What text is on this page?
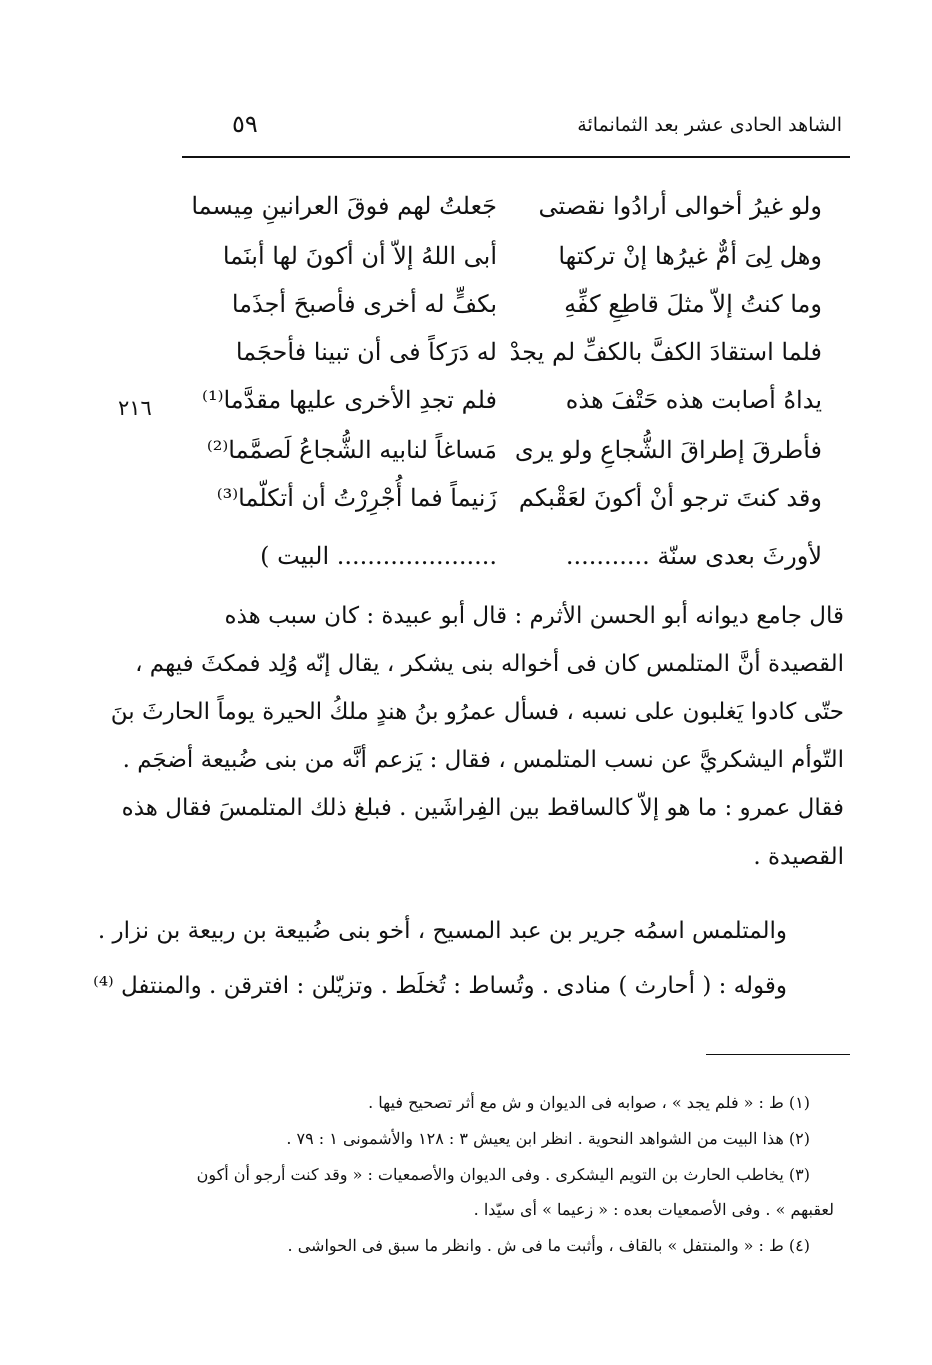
الشاهد الحادى عشر بعد الثمانمائة
٥٩
٢١٦
ولو غيرُ أخوالى أرادُوا نقصتى
جَعلتُ لهم فوقَ العرانينِ مِيسما
وهل لِىَ أمٌّ غيرُها إنْ تركتها
أبى اللهُ إلاّ أن أكونَ لها أبنَما
وما كنتُ إلاّ مثلَ قاطِعِ كفِّهِ
بكفٍّ له أخرى فأصبحَ أجذَما
فلما استقادَ الكفَّ بالكفِّ لم يجدْ
له دَرَكاً فى أن تبينا فأحجَما
يداهُ أصابت هذه حَتْفَ هذه
فلم تجدِ الأخرى عليها مقدَّما⁽¹⁾
فأطرقَ إطراقَ الشُّجاعِ ولو يرى
مَساغاً لنابيه الشُّجاعُ لَصمَّما⁽²⁾
وقد كنتَ ترجو أنْ أكونَ لعَقْبكم
زَنيماً فما أُجْرِرْتُ أن أتكلّما⁽³⁾
لأورثَ بعدى سنّة ...........
..................... البيت )
قال جامع ديوانه أبو الحسن الأثرم : قال أبو عبيدة : كان سبب هذه
القصيدة أنَّ المتلمس كان فى أخواله بنى يشكر ، يقال إنّه وُلِد فمكثَ فيهم ،
حتّى كادوا يَغلبون على نسبه ، فسأل عمرُو بنُ هندٍ ملكُ الحيرة يوماً الحارثَ بنَ
التّوأم اليشكريَّ عن نسب المتلمس ، فقال : يَزعم أنَّه من بنى ضُبيعة أضجَم .
فقال عمرو : ما هو إلاّ كالساقط بين الفِراشَين . فبلغ ذلك المتلمسَ فقال هذه
القصيدة .
والمتلمس اسمُه جرير بن عبد المسيح ، أخو بنى ضُبيعة بن ربيعة بن نزار .
وقوله : ( أحارث ) منادى . وتُساط : تُخلَط . وتزيّلن : افترقن . والمنتفل ⁽⁴⁾
(١) ط : « فلم يجد » ، صوابه فى الديوان و ش مع أثر تصحيح فيها .
(٢) هذا البيت من الشواهد النحوية . انظر ابن يعيش ٣ : ١٢٨ والأشمونى ١ : ٧٩ .
(٣) يخاطب الحارث بن التويم اليشكرى . وفى الديوان والأصمعيات : « وقد كنت أرجو أن أكون
لعقبهم » . وفى الأصمعيات بعده : « زعيما » أى سيّدا .
(٤) ط : « والمنتفل » بالقاف ، وأثبت ما فى ش . وانظر ما سبق فى الحواشى .
